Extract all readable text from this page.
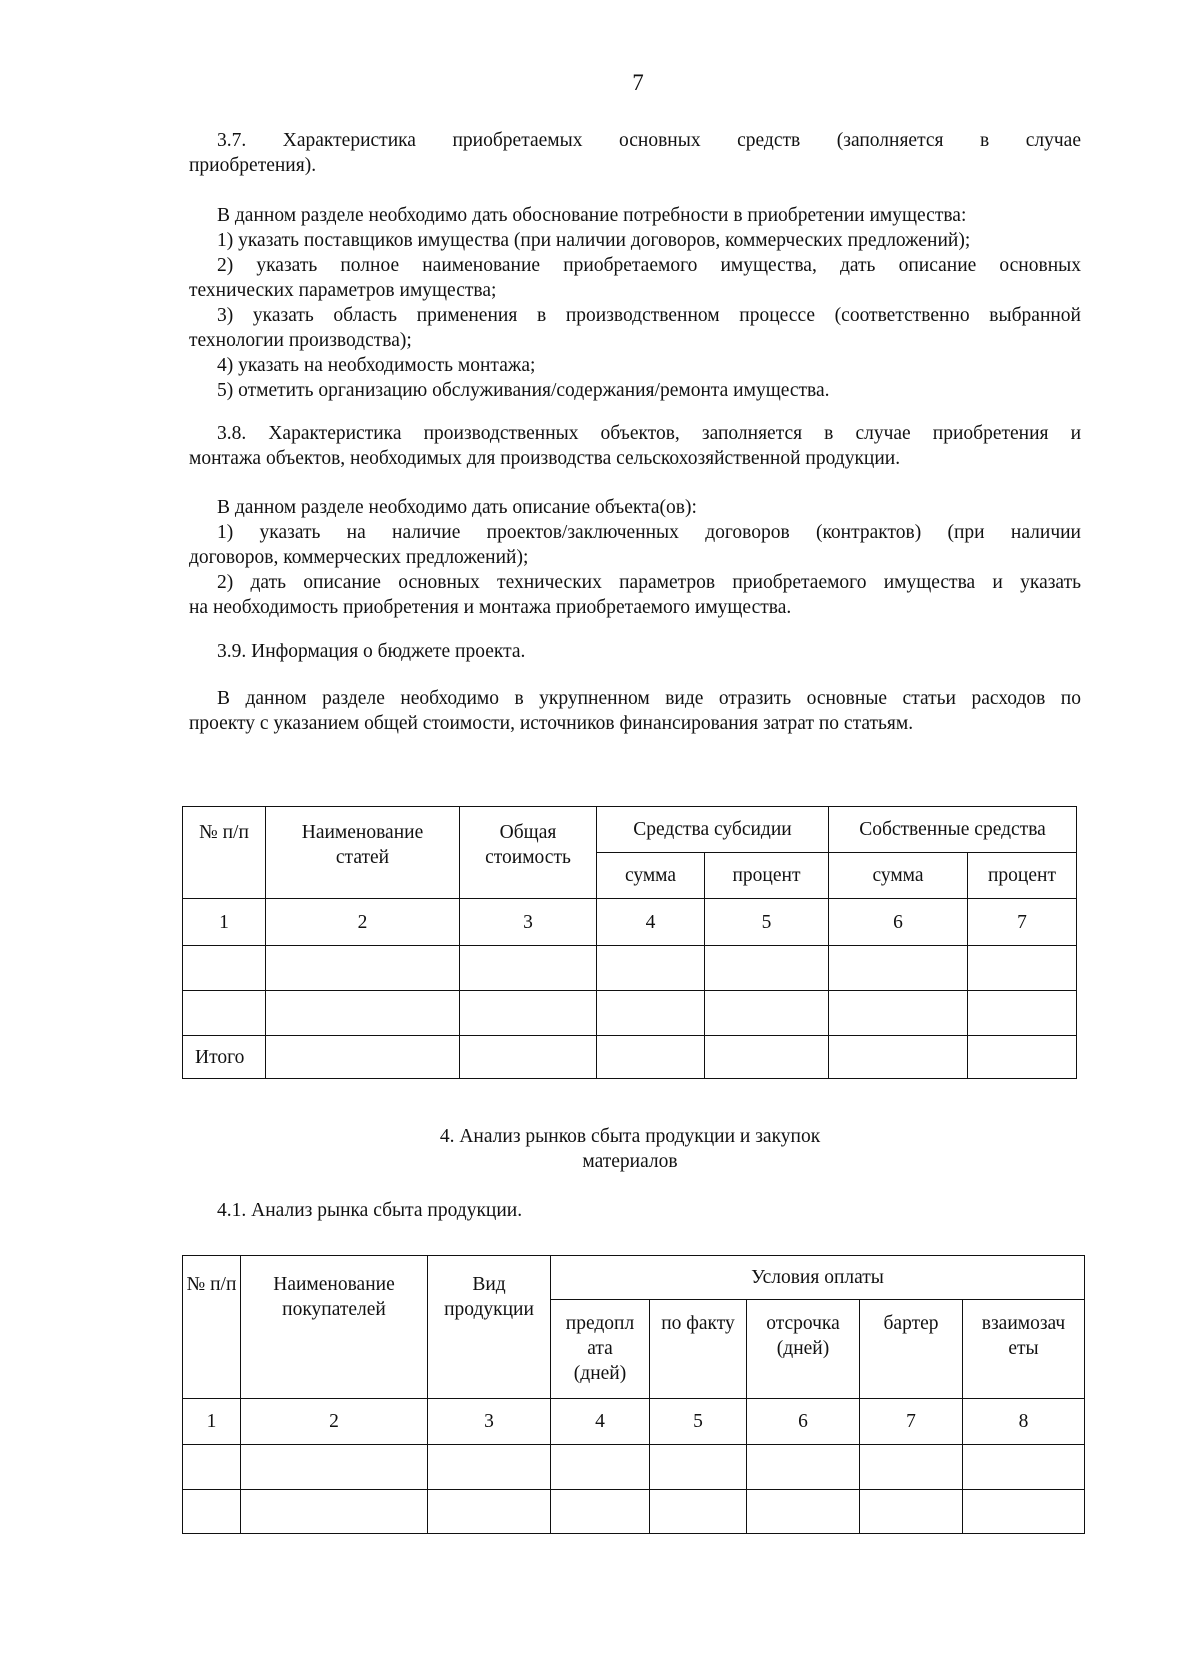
7

3.7. Характеристика приобретаемых основных средств (заполняется в случае

приобретения).

В данном разделе необходимо дать обоснование потребности в приобретении имущества:

1) указать поставщиков имущества (при наличии договоров, коммерческих предложений);

2) указать полное наименование приобретаемого имущества, дать описание основных

технических параметров имущества;

3) указать область применения в производственном процессе (соответственно выбранной

технологии производства);

4) указать на необходимость монтажа;

5) отметить организацию обслуживания/содержания/ремонта имущества.

3.8. Характеристика производственных объектов, заполняется в случае приобретения и

монтажа объектов, необходимых для производства сельскохозяйственной продукции.

В данном разделе необходимо дать описание объекта(ов):

1) указать на наличие проектов/заключенных договоров (контрактов) (при наличии

договоров, коммерческих предложений);

2) дать описание основных технических параметров приобретаемого имущества и указать

на необходимость приобретения и монтажа приобретаемого имущества.

3.9. Информация о бюджете проекта.

В данном разделе необходимо в укрупненном виде отразить основные статьи расходов по

проекту с указанием общей стоимости, источников финансирования затрат по статьям.

№ п/п	Наименование статей	Общая стоимость	Средства субсидии		Собственные средства	
			сумма	процент	сумма	процент
1	2	3	4	5	6	7

Итого						

4. Анализ рынков сбыта продукции и закупок

материалов

4.1. Анализ рынка сбыта продукции.

№ п/п	Наименование покупателей	Вид продукции	Условия оплаты				
			предопл ата (дней)	по факту	отсрочка (дней)	бартер	взаимозач еты
1	2	3	4	5	6	7	8
